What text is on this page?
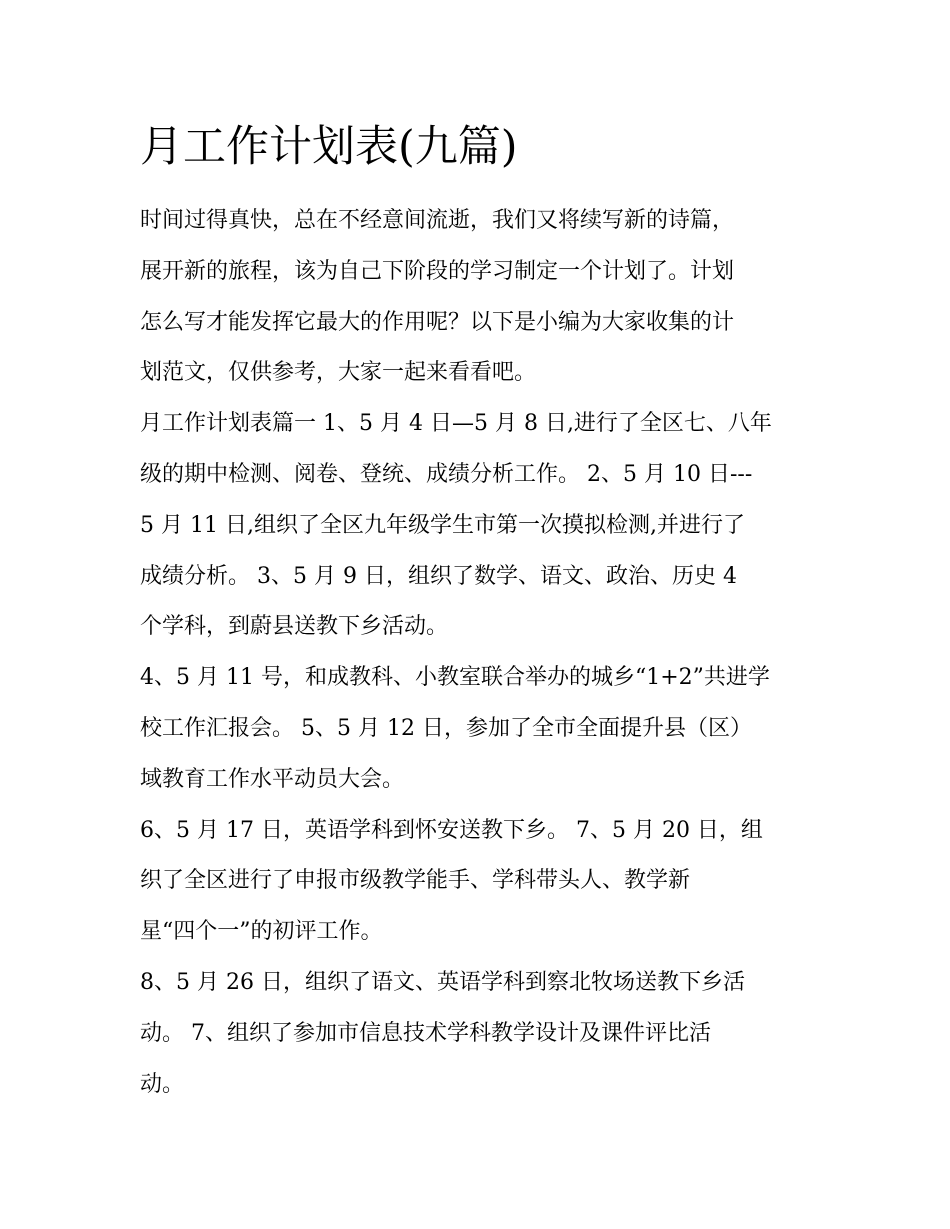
月工作计划表(九篇)

时间过得真快，总在不经意间流逝，我们又将续写新的诗篇，
展开新的旅程，该为自己下阶段的学习制定一个计划了。计划
怎么写才能发挥它最大的作用呢？以下是小编为大家收集的计
划范文，仅供参考，大家一起来看看吧。

月工作计划表篇一 1、5 月 4 日—5 月 8 日,进行了全区七、八年
级的期中检测、阅卷、登统、成绩分析工作。 2、5 月 10 日---
5 月 11 日,组织了全区九年级学生市第一次摸拟检测,并进行了
成绩分析。 3、5 月 9 日，组织了数学、语文、政治、历史 4
个学科，到蔚县送教下乡活动。

4、5 月 11 号，和成教科、小教室联合举办的城乡“1+2”共进学
校工作汇报会。 5、5 月 12 日，参加了全市全面提升县（区）
域教育工作水平动员大会。

6、5 月 17 日，英语学科到怀安送教下乡。 7、5 月 20 日，组
织了全区进行了申报市级教学能手、学科带头人、教学新
星“四个一”的初评工作。

8、5 月 26 日，组织了语文、英语学科到察北牧场送教下乡活
动。 7、组织了参加市信息技术学科教学设计及课件评比活
动。
